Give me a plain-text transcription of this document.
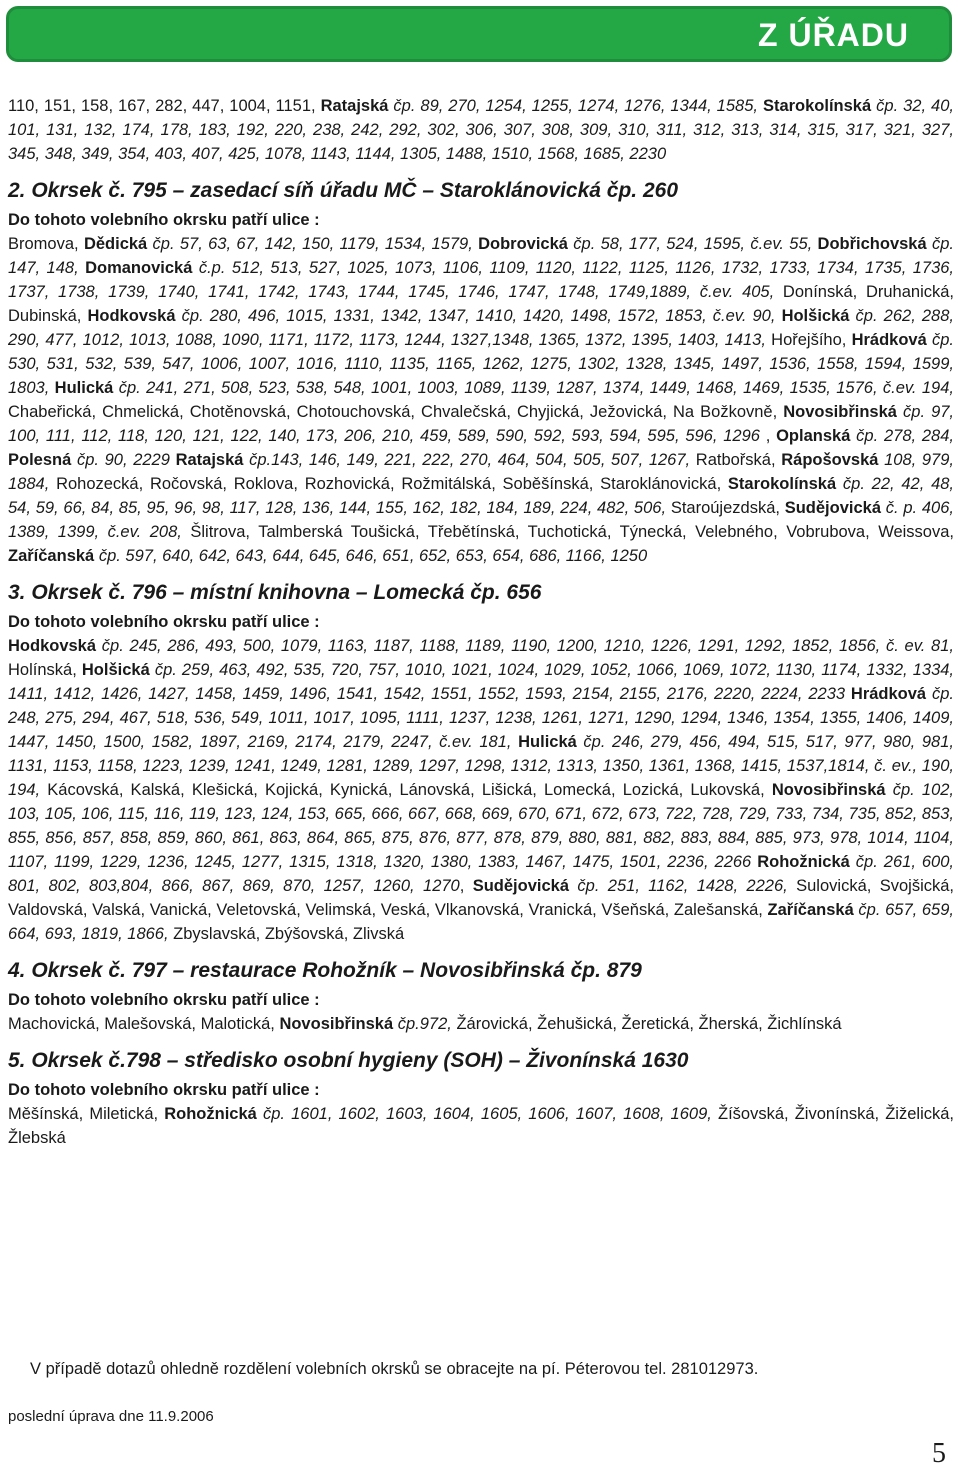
Z ÚŘADU

110, 151, 158, 167, 282, 447, 1004, 1151, Ratajská čp. 89, 270, 1254, 1255, 1274, 1276, 1344, 1585, Starokolínská čp. 32, 40, 101, 131, 132, 174, 178, 183, 192, 220, 238, 242, 292, 302, 306, 307, 308, 309, 310, 311, 312, 313, 314, 315, 317, 321, 327, 345, 348, 349, 354, 403, 407, 425, 1078, 1143, 1144, 1305, 1488, 1510, 1568, 1685, 2230

2. Okrsek č. 795 – zasedací síň úřadu MČ – Staroklánovická čp. 260

Do tohoto volebního okrsku patří ulice :

Bromova, Dědická čp. 57, 63, 67, 142, 150, 1179, 1534, 1579, Dobrovická čp. 58, 177, 524, 1595, č.ev. 55, Dobřichovská čp. 147, 148, Domanovická č.p. 512, 513, 527, 1025, 1073, 1106, 1109, 1120, 1122, 1125, 1126, 1732, 1733, 1734, 1735, 1736, 1737, 1738, 1739, 1740, 1741, 1742, 1743, 1744, 1745, 1746, 1747, 1748, 1749,1889, č.ev. 405, Donínská, Druhanická, Dubinská, Hodkovská čp. 280, 496, 1015, 1331, 1342, 1347, 1410, 1420, 1498, 1572, 1853, č.ev. 90, Holšická čp. 262, 288, 290, 477, 1012, 1013, 1088, 1090, 1171, 1172, 1173, 1244, 1327,1348, 1365, 1372, 1395, 1403, 1413, Hořejšího, Hrádková čp. 530, 531, 532, 539, 547, 1006, 1007, 1016, 1110, 1135, 1165, 1262, 1275, 1302, 1328, 1345, 1497, 1536, 1558, 1594, 1599, 1803, Hulická čp. 241, 271, 508, 523, 538, 548, 1001, 1003, 1089, 1139, 1287, 1374, 1449, 1468, 1469, 1535, 1576, č.ev. 194, Chabeřická, Chmelická, Chotěnovská, Chotouchovská, Chvalečská, Chyjická, Ježovická, Na Božkovně, Novosibřinská čp. 97, 100, 111, 112, 118, 120, 121, 122, 140, 173, 206, 210, 459, 589, 590, 592, 593, 594, 595, 596, 1296 , Oplanská čp. 278, 284, Polesná čp. 90, 2229 Ratajská čp.143, 146, 149, 221, 222, 270, 464, 504, 505, 507, 1267, Ratbořská, Rápošovská 108, 979, 1884, Rohozecká, Ročovská, Roklova, Rozhovická, Rožmitálská, Soběšínská, Staroklánovická, Starokolínská čp. 22, 42, 48, 54, 59, 66, 84, 85, 95, 96, 98, 117, 128, 136, 144, 155, 162, 182, 184, 189, 224, 482, 506, Staroújezdská, Sudějovická č. p. 406, 1389, 1399, č.ev. 208, Šlitrova, Talmberská Toušická, Třebětínská, Tuchotická, Týnecká, Velebného, Vobrubova, Weissova, Zaříčanská čp. 597, 640, 642, 643, 644, 645, 646, 651, 652, 653, 654, 686, 1166, 1250

3. Okrsek č. 796 – místní knihovna – Lomecká čp. 656

Do tohoto volebního okrsku patří ulice :

Hodkovská čp. 245, 286, 493, 500, 1079, 1163, 1187, 1188, 1189, 1190, 1200, 1210, 1226, 1291, 1292, 1852, 1856, č. ev. 81, Holínská, Holšická čp. 259, 463, 492, 535, 720, 757, 1010, 1021, 1024, 1029, 1052, 1066, 1069, 1072, 1130, 1174, 1332, 1334, 1411, 1412, 1426, 1427, 1458, 1459, 1496, 1541, 1542, 1551, 1552, 1593, 2154, 2155, 2176, 2220, 2224, 2233 Hrádková čp. 248, 275, 294, 467, 518, 536, 549, 1011, 1017, 1095, 1111, 1237, 1238, 1261, 1271, 1290, 1294, 1346, 1354, 1355, 1406, 1409, 1447, 1450, 1500, 1582, 1897, 2169, 2174, 2179, 2247, č.ev. 181, Hulická čp. 246, 279, 456, 494, 515, 517, 977, 980, 981, 1131, 1153, 1158, 1223, 1239, 1241, 1249, 1281, 1289, 1297, 1298, 1312, 1313, 1350, 1361, 1368, 1415, 1537,1814, č. ev., 190, 194, Kácovská, Kalská, Klešická, Kojická, Kynická, Lánovská, Lišická, Lomecká, Lozická, Lukovská, Novosibřinská čp. 102, 103, 105, 106, 115, 116, 119, 123, 124, 153, 665, 666, 667, 668, 669, 670, 671, 672, 673, 722, 728, 729, 733, 734, 735, 852, 853, 855, 856, 857, 858, 859, 860, 861, 863, 864, 865, 875, 876, 877, 878, 879, 880, 881, 882, 883, 884, 885, 973, 978, 1014, 1104, 1107, 1199, 1229, 1236, 1245, 1277, 1315, 1318, 1320, 1380, 1383, 1467, 1475, 1501, 2236, 2266 Rohožnická čp. 261, 600, 801, 802, 803,804, 866, 867, 869, 870, 1257, 1260, 1270, Sudějovická čp. 251, 1162, 1428, 2226, Sulovická, Svojšická, Valdovská, Valská, Vanická, Veletovská, Velimská, Veská, Vlkanovská, Vranická, Všeňská, Zalešanská, Zaříčanská čp. 657, 659, 664, 693, 1819, 1866, Zbyslavská, Zbýšovská, Zlivská

4. Okrsek č. 797 – restaurace Rohožník – Novosibřinská čp. 879

Do tohoto volebního okrsku patří ulice :

Machovická, Malešovská, Malotická, Novosibřinská čp.972, Žárovická, Žehušická, Žeretická, Žherská, Žichlínská

5. Okrsek č.798 – středisko osobní hygieny (SOH) – Živonínská 1630

Do tohoto volebního okrsku patří ulice :

Měšínská, Miletická, Rohožnická čp. 1601, 1602, 1603, 1604, 1605, 1606, 1607, 1608, 1609, Žíšovská, Živonínská, Žiželická, Žlebská

V případě dotazů ohledně rozdělení volebních okrsků se obracejte na pí. Péterovou tel. 281012973.
poslední úprava dne 11.9.2006
5
